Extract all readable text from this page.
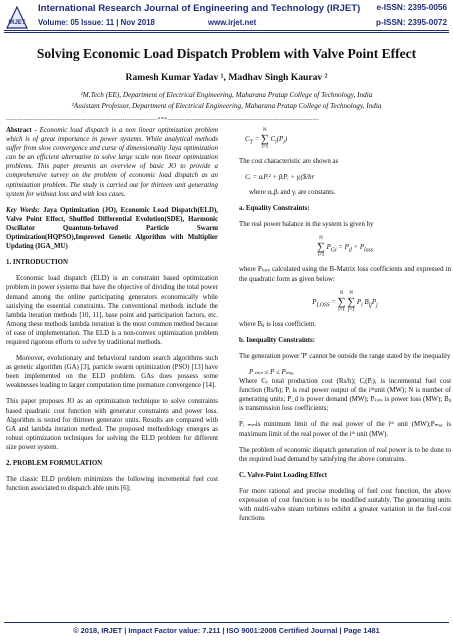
IRJET
International Research Journal of Engineering and Technology (IRJET) e-ISSN: 2395-0056
Volume: 05 Issue: 11 | Nov 2018	www.irjet.net	p-ISSN: 2395-0072
Solving Economic Load Dispatch Problem with Valve Point Effect
Ramesh Kumar Yadav ¹, Madhav Singh Kaurav ²
¹M.Tech (EE), Department of Electrical Engineering, Maharana Pratap College of Technology, India
²Assistant Professor, Department of Electrical Engineering, Maharana Pratap College of Technology, India
---------------------------------------------------------------------***---------------------------------------------------------------------

Abstract - Economic load dispatch is a non linear optimization problem which is of great importance in power systems. While analytical methods suffer from slow convergence and curse of dimensionality Jaya optimization can be an efficient alternative to solve large scale non linear optimization problems. This paper presents an overview of basic JO to provide a comprehensive survey on the problem of economic load dispatch as an optimization problem. The study is carried out for thirteen unit generating system for without loss and with loss cases.

Key Words: Jaya Optimization (JO), Economic Load Dispatch(ELD), Valve Point Effect, Shuffled Differential Evolution(SDE), Harmonic Oscillator Quantum-behaved Particle Swarm Optimization(HQPSO),Improved Genetic Algorithm with Multiplier Updating (IGA_MU)

1. INTRODUCTION

Economic load dispatch (ELD) is an constraint based optimization problem in power systems that have the objective of dividing the total power demand among the online participating generators economically while satisfying the essential constraints. The conventional methods include the lambda iteration methods [10, 11], base point and participation factors, etc. Among these methods lambda iteration is the most common method because of ease of implementation. The ELD is a non-convex optimization problem required rigorous efforts to solve by traditional methods.

Moreover, evolutionary and behavioral random search algorithms such as genetic algorithm (GA) [3], particle swarm optimization (PSO) [13] have been implemented on the ELD problem. GAs does possess some weaknesses leading to larger computation time premature convergence [14].

This paper proposes JO as an optimization technique to solve constraints based quadratic cost function with generator constraints and power loss. Algorithm is tested for thirteen generator units. Results are compared with GA and lambda iteration method. The proposed methodology emerges as robust optimization techniques for solving the ELD problem for different size power system.

2. PROBLEM FORMULATION

The classic ELD problem minimizes the following incremental fuel cost function associated to dispatch able units [6];

$C_T$ =
N
∑
i=1
$C_i(P_i)$

The cost characteristic are shown as

Cᵢ = aᵢPᵢ² + βᵢPᵢ + γᵢ($/hr

where αᵢ,βᵢ and γᵢ are constants.

a. Equality Constraints:

The real power balance in the system is given by

N
∑
i=1
$P_{Gi} = P_d + P_{loss}$

where Pₗₒₛₛ calculated using the B-Matrix loss coefficients and expressed in the quadratic form as given below:

$P_{LOSS}$ =
N
∑
i=1

N
∑
j=1
$P_i$ $B_{ij}P_j$

where Bᵢⱼ is loss coefficient.

b. Inequality Constraints:

The generation power 'P' cannot be outside the range stated by the inequality

P ₘᵢₙ ≤ P ≤ Pₘₐₓ

Where Cₜ total production cost (Rs/h); Cᵢ(Pᵢ), is incremental fuel cost function (Rs/h); Pᵢ is real power output of the iᵗʰunit (MW); N is number of generating units; P_d is power demand (MW); Pₗₒₛₛ is power loss (MW); Bᵢⱼ is transmission loss coefficients;

Pᵢ ₘᵢₙis minimum limit of the real power of the iᵗʰ unit (MW);Pₘₐₓ is maximum limit of the real power of the iᵗʰ unit (MW).

The problem of economic dispatch generation of real power is to be done to the required load demand by satisfying the above constrains.

C. Valve-Point Loading Effect

For more rational and precise modeling of fuel cost function, the above expression of cost function is to be modified suitably. The generating units with multi-valve steam turbines exhibit a greater variation in the fuel-cost functions

© 2018, IRJET | Impact Factor value: 7.211 | ISO 9001:2008 Certified Journal | Page 1481
